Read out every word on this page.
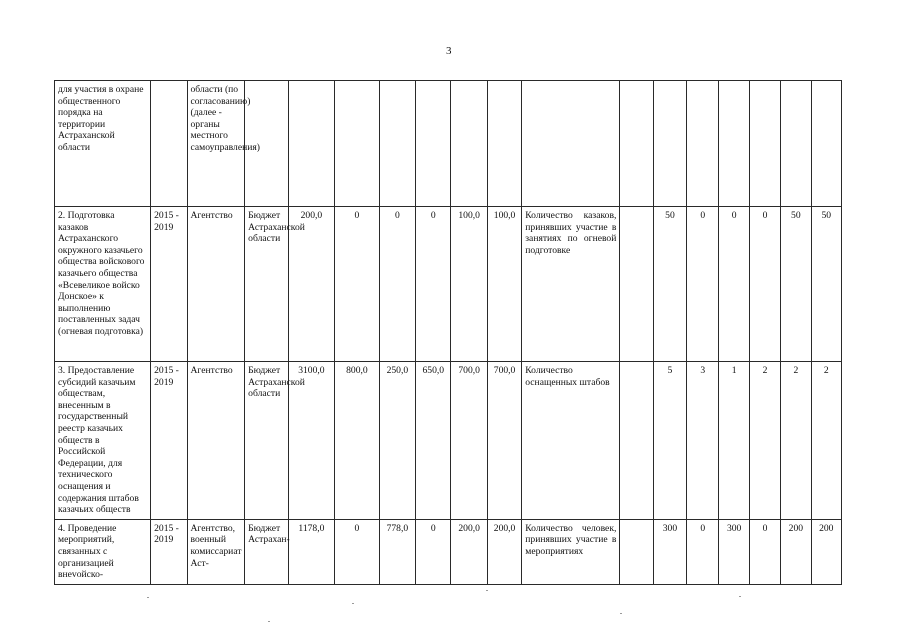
3
для участия в охране общественного порядка на территории Астраханской области		области (по согласованию) (далее - органы местного самоуправления)															
2. Подготовка казаков Астраханского окружного казачьего общества войскового казачьего общества «Всевеликое войско Донское» к выполнению поставленных задач (огневая подготовка)	2015 - 2019	Агентство	Бюджет Астраханской области	200,0	0	0	0	100,0	100,0	Количество казаков, принявших участие в занятиях по огневой подготовке		50	0	0	0	50	50
3. Предоставление субсидий казачьим обществам, внесенным в государственный реестр казачьих обществ в Российской Федерации, для технического оснащения и содержания штабов казачьих обществ	2015 - 2019	Агентство	Бюджет Астраханской области	3100,0	800,0	250,0	650,0	700,0	700,0	Количество оснащенных штабов		5	3	1	2	2	2
4. Проведение мероприятий, связанных с организацией внevoйско-	2015 - 2019	Агентство, военный комиссариат Аст-	Бюджет Астрахан-	1178,0	0	778,0	0	200,0	200,0	Количество человек, принявших участие в мероприятиях		300	0	300	0	200	200
